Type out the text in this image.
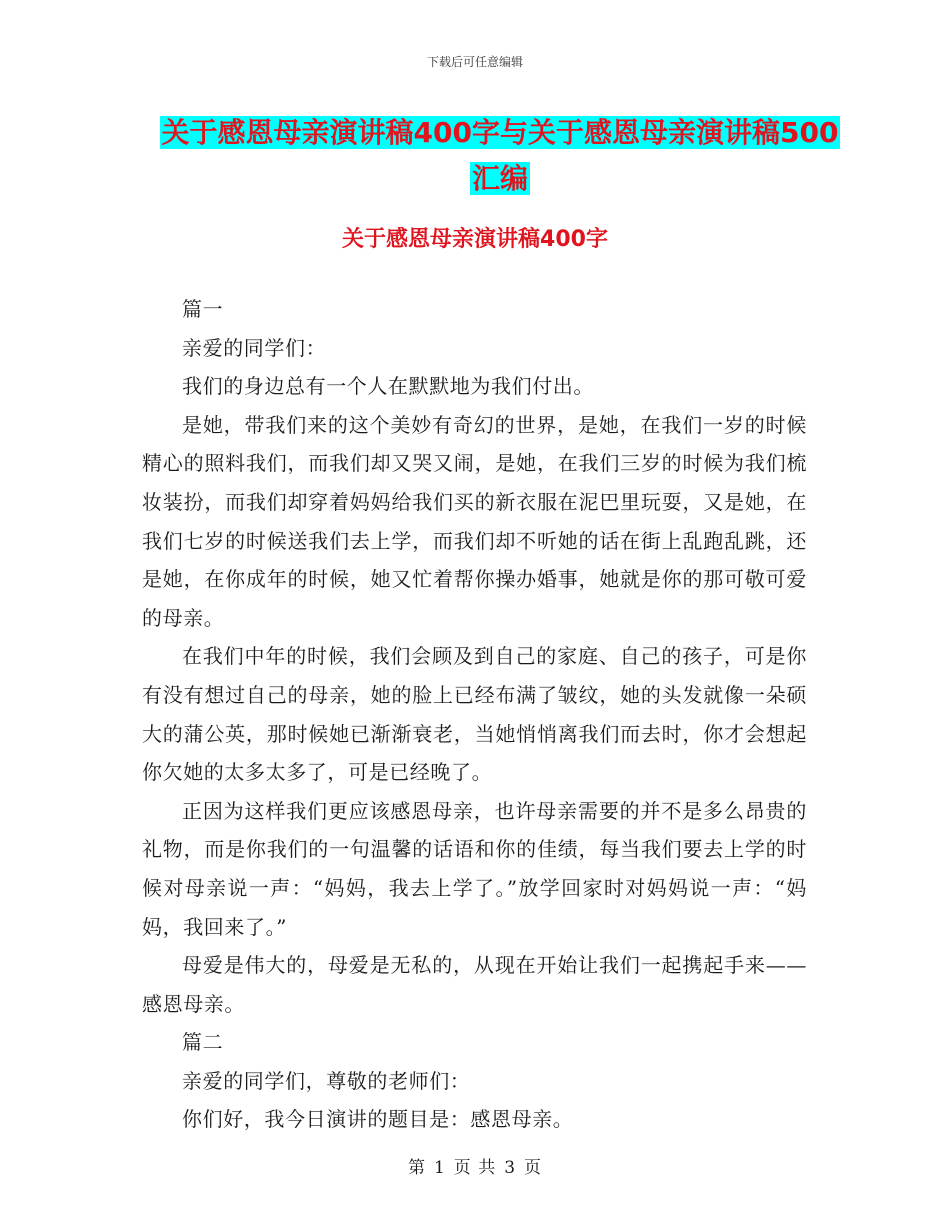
下载后可任意编辑
关于感恩母亲演讲稿400字与关于感恩母亲演讲稿500
汇编
关于感恩母亲演讲稿400字

篇一

亲爱的同学们：

我们的身边总有一个人在默默地为我们付出。

是她，带我们来的这个美妙有奇幻的世界，是她，在我们一岁的时候精心的照料我们，而我们却又哭又闹，是她，在我们三岁的时候为我们梳妆装扮，而我们却穿着妈妈给我们买的新衣服在泥巴里玩耍，又是她，在我们七岁的时候送我们去上学，而我们却不听她的话在街上乱跑乱跳，还是她，在你成年的时候，她又忙着帮你操办婚事，她就是你的那可敬可爱的母亲。

在我们中年的时候，我们会顾及到自己的家庭、自己的孩子，可是你有没有想过自己的母亲，她的脸上已经布满了皱纹，她的头发就像一朵硕大的蒲公英，那时候她已渐渐衰老，当她悄悄离我们而去时，你才会想起你欠她的太多太多了，可是已经晚了。

正因为这样我们更应该感恩母亲，也许母亲需要的并不是多么昂贵的礼物，而是你我们的一句温馨的话语和你的佳绩，每当我们要去上学的时候对母亲说一声：“妈妈，我去上学了。”放学回家时对妈妈说一声：“妈妈，我回来了。”

母爱是伟大的，母爱是无私的，从现在开始让我们一起携起手来——感恩母亲。

篇二

亲爱的同学们，尊敬的老师们：

你们好，我今日演讲的题目是：感恩母亲。

第 1 页 共 3 页
